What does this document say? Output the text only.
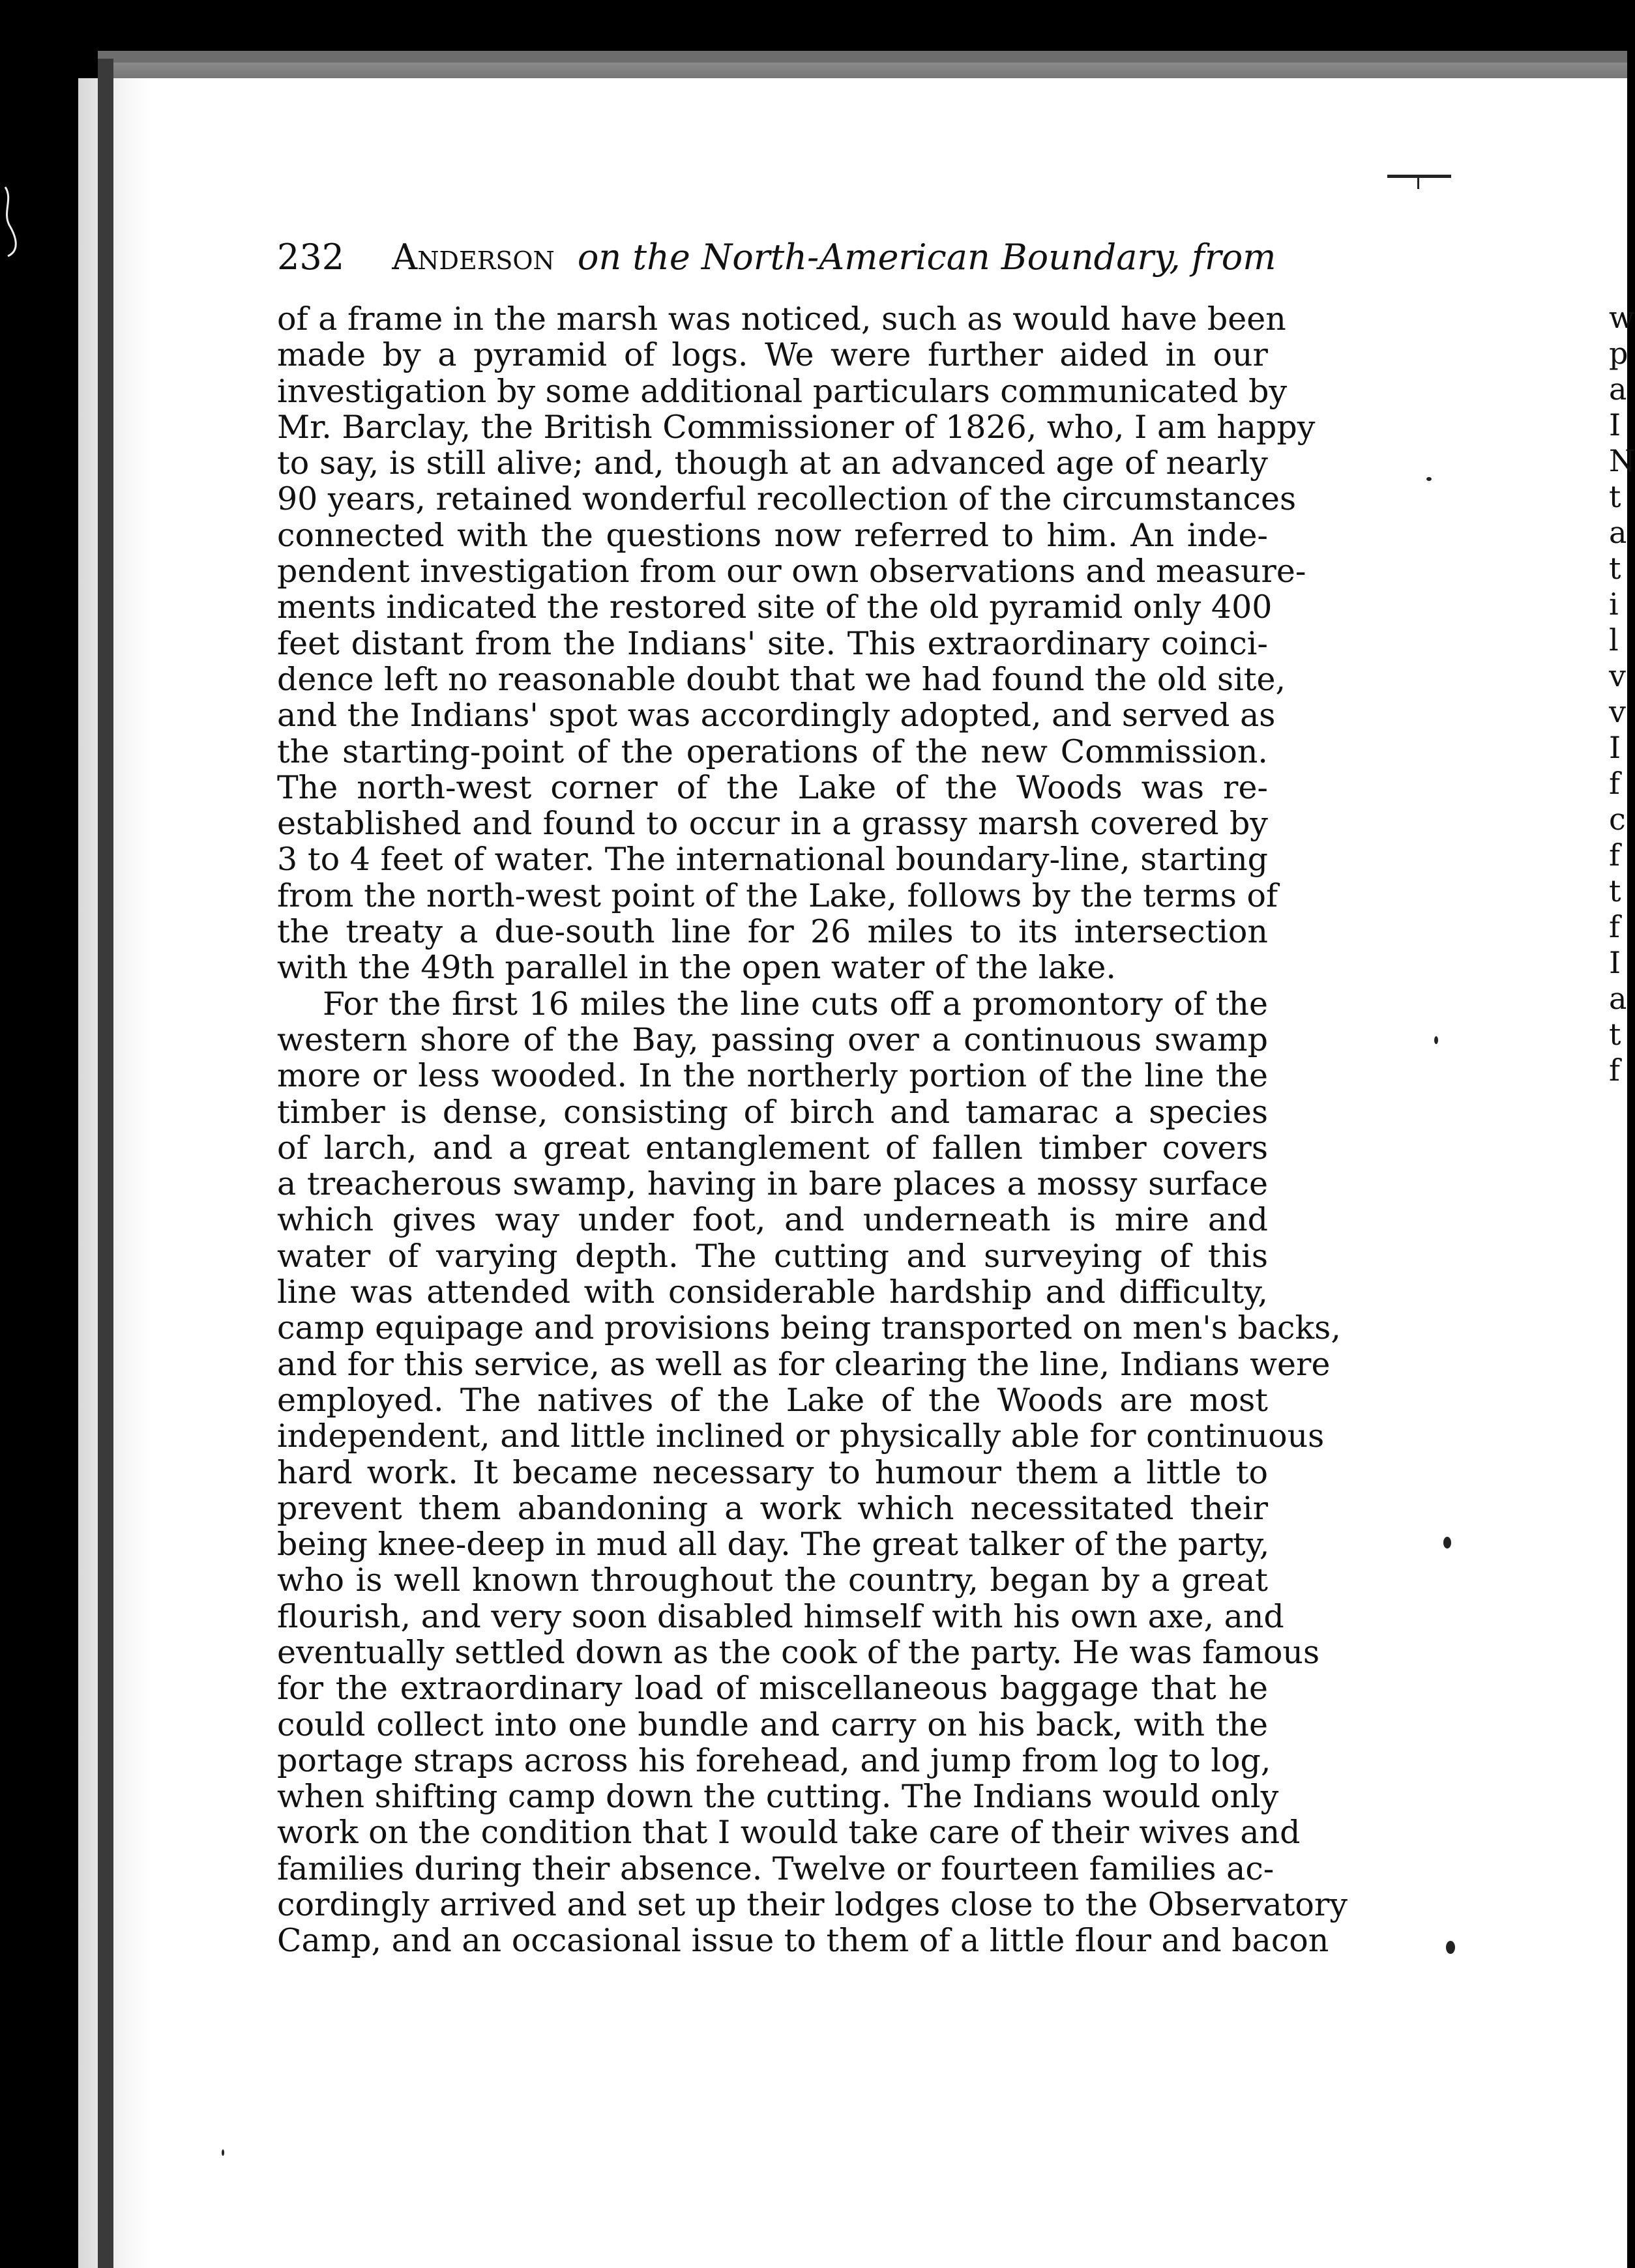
232 Anderson on the North-American Boundary, from

of a frame in the marsh was noticed, such as would have been
made by a pyramid of logs. We were further aided in our
investigation by some additional particulars communicated by
Mr. Barclay, the British Commissioner of 1826, who, I am happy
to say, is still alive; and, though at an advanced age of nearly
90 years, retained wonderful recollection of the circumstances
connected with the questions now referred to him. An inde-
pendent investigation from our own observations and measure-
ments indicated the restored site of the old pyramid only 400
feet distant from the Indians' site. This extraordinary coinci-
dence left no reasonable doubt that we had found the old site,
and the Indians' spot was accordingly adopted, and served as
the starting-point of the operations of the new Commission.
The north-west corner of the Lake of the Woods was re-
established and found to occur in a grassy marsh covered by
3 to 4 feet of water. The international boundary-line, starting
from the north-west point of the Lake, follows by the terms of
the treaty a due-south line for 26 miles to its intersection
with the 49th parallel in the open water of the lake.

For the first 16 miles the line cuts off a promontory of the
western shore of the Bay, passing over a continuous swamp
more or less wooded. In the northerly portion of the line the
timber is dense, consisting of birch and tamarac a species
of larch, and a great entanglement of fallen timber covers
a treacherous swamp, having in bare places a mossy surface
which gives way under foot, and underneath is mire and
water of varying depth. The cutting and surveying of this
line was attended with considerable hardship and difficulty,
camp equipage and provisions being transported on men's backs,
and for this service, as well as for clearing the line, Indians were
employed. The natives of the Lake of the Woods are most
independent, and little inclined or physically able for continuous
hard work. It became necessary to humour them a little to
prevent them abandoning a work which necessitated their
being knee-deep in mud all day. The great talker of the party,
who is well known throughout the country, began by a great
flourish, and very soon disabled himself with his own axe, and
eventually settled down as the cook of the party. He was famous
for the extraordinary load of miscellaneous baggage that he
could collect into one bundle and carry on his back, with the
portage straps across his forehead, and jump from log to log,
when shifting camp down the cutting. The Indians would only
work on the condition that I would take care of their wives and
families during their absence. Twelve or fourteen families ac-
cordingly arrived and set up their lodges close to the Observatory
Camp, and an occasional issue to them of a little flour and bacon

w
p
a
I
N
t
a
t
i
l
v
v
I
f
c
f
t
f
I
a
t
f
